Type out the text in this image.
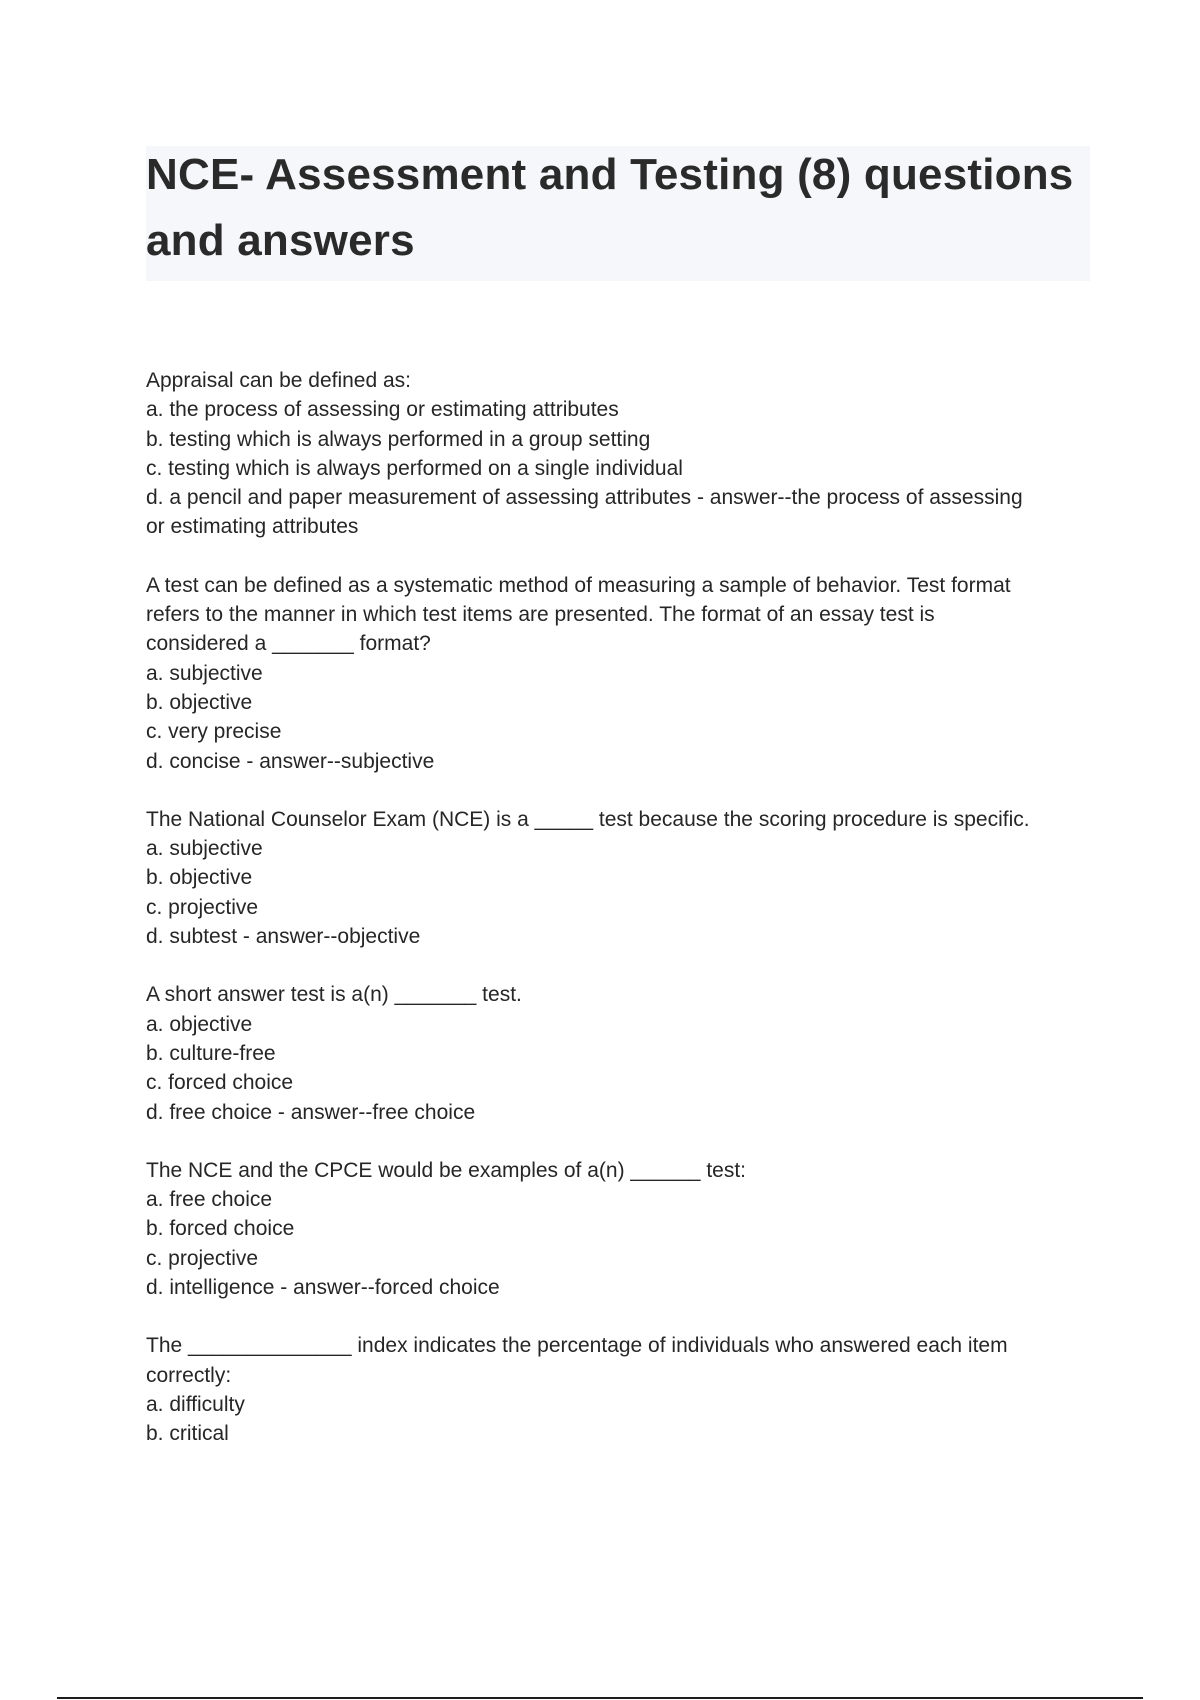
NCE- Assessment and Testing (8) questions and answers

Appraisal can be defined as:

a. the process of assessing or estimating attributes

b. testing which is always performed in a group setting

c. testing which is always performed on a single individual

d. a pencil and paper measurement of assessing attributes - answer--the process of assessing

or estimating attributes

A test can be defined as a systematic method of measuring a sample of behavior. Test format

refers to the manner in which test items are presented. The format of an essay test is

considered a _______ format?

a. subjective

b. objective

c. very precise

d. concise - answer--subjective

The National Counselor Exam (NCE) is a _____ test because the scoring procedure is specific.

a. subjective

b. objective

c. projective

d. subtest - answer--objective

A short answer test is a(n) _______ test.

a. objective

b. culture-free

c. forced choice

d. free choice - answer--free choice

The NCE and the CPCE would be examples of a(n) ______ test:

a. free choice

b. forced choice

c. projective

d. intelligence - answer--forced choice

The ______________ index indicates the percentage of individuals who answered each item

correctly:

a. difficulty

b. critical
